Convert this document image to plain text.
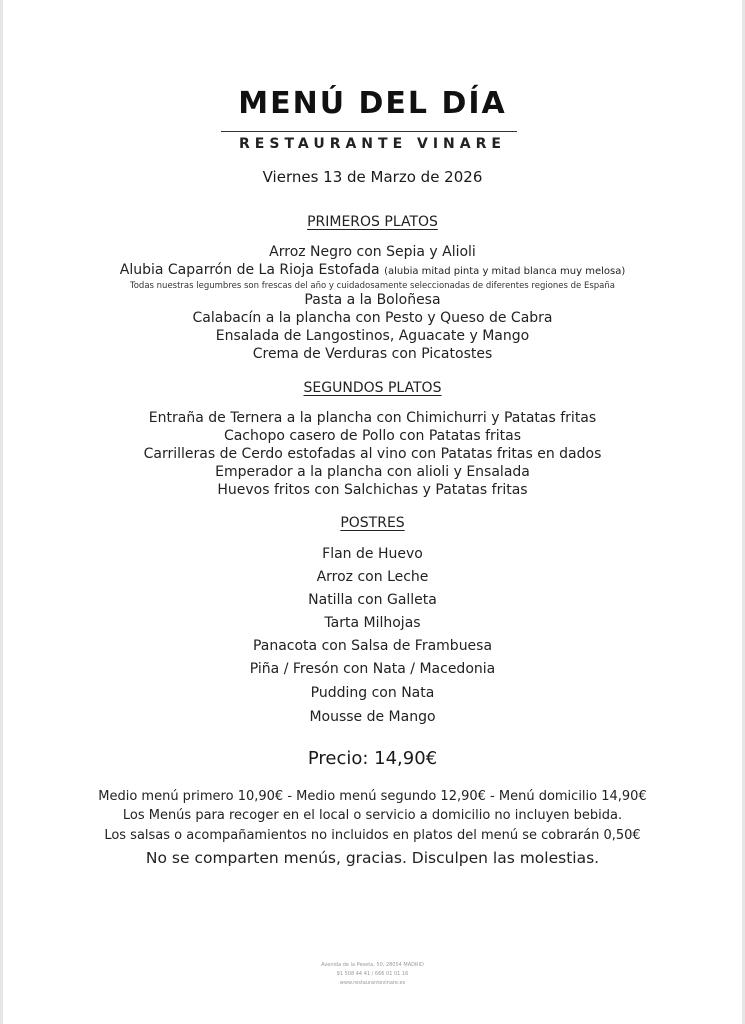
MENÚ DEL DÍA
RESTAURANTE VINARE
Viernes 13 de Marzo de 2026
PRIMEROS PLATOS
Arroz Negro con Sepia y Alioli
Alubia Caparrón de La Rioja Estofada (alubia mitad pinta y mitad blanca muy melosa)
Todas nuestras legumbres son frescas del año y cuidadosamente seleccionadas de diferentes regiones de España
Pasta a la Boloñesa
Calabacín a la plancha con Pesto y Queso de Cabra
Ensalada de Langostinos, Aguacate y Mango
Crema de Verduras con Picatostes
SEGUNDOS PLATOS
Entraña de Ternera a la plancha con Chimichurri y Patatas fritas
Cachopo casero de Pollo con Patatas fritas
Carrilleras de Cerdo estofadas al vino con Patatas fritas en dados
Emperador a la plancha con alioli y Ensalada
Huevos fritos con Salchichas y Patatas fritas
POSTRES
Flan de Huevo
Arroz con Leche
Natilla con Galleta
Tarta Milhojas
Panacota con Salsa de Frambuesa
Piña / Fresón con Nata / Macedonia
Pudding con Nata
Mousse de Mango
Precio: 14,90€
Medio menú primero 10,90€ - Medio menú segundo 12,90€ - Menú domicilio 14,90€
Los Menús para recoger en el local o servicio a domicilio no incluyen bebida.
Los salsas o acompañamientos no incluidos en platos del menú se cobrarán 0,50€
No se comparten menús, gracias. Disculpen las molestias.
Avenida de la Peseta, 50, 28054 MADRID
91 508 44 41 / 666 01 01 16
www.restaurantevinare.es
